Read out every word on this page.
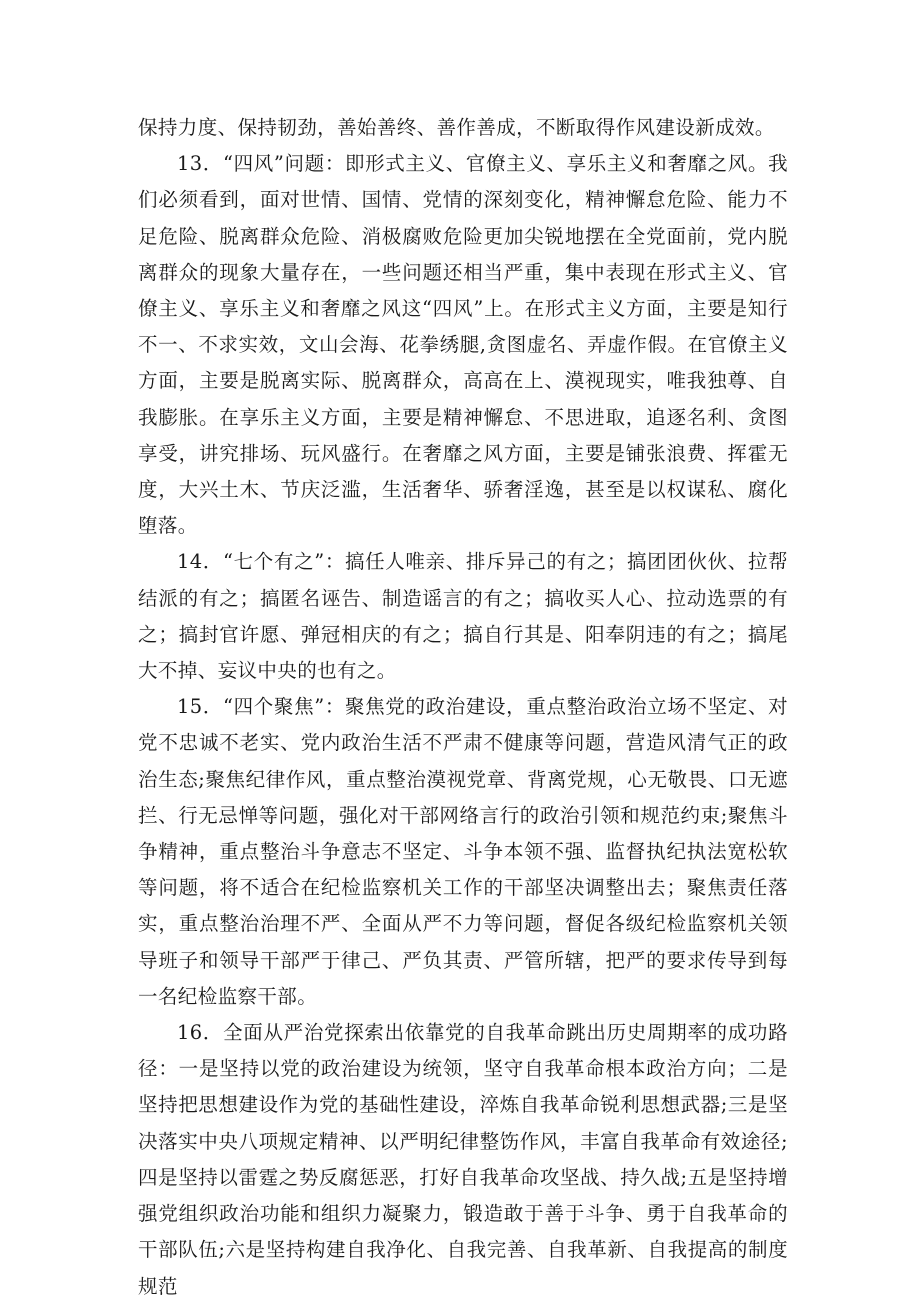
保持力度、保持韧劲，善始善终、善作善成，不断取得作风建设新成效。

13．“四风”问题：即形式主义、官僚主义、享乐主义和奢靡之风。我们必须看到，面对世情、国情、党情的深刻变化，精神懈怠危险、能力不足危险、脱离群众危险、消极腐败危险更加尖锐地摆在全党面前，党内脱离群众的现象大量存在，一些问题还相当严重，集中表现在形式主义、官僚主义、享乐主义和奢靡之风这“四风”上。在形式主义方面，主要是知行不一、不求实效，文山会海、花拳绣腿,贪图虚名、弄虚作假。在官僚主义方面，主要是脱离实际、脱离群众，高高在上、漠视现实，唯我独尊、自我膨胀。在享乐主义方面，主要是精神懈怠、不思进取，追逐名利、贪图享受，讲究排场、玩风盛行。在奢靡之风方面，主要是铺张浪费、挥霍无度，大兴土木、节庆泛滥，生活奢华、骄奢淫逸，甚至是以权谋私、腐化堕落。

14．“七个有之”：搞任人唯亲、排斥异己的有之；搞团团伙伙、拉帮结派的有之；搞匿名诬告、制造谣言的有之；搞收买人心、拉动选票的有之；搞封官许愿、弹冠相庆的有之；搞自行其是、阳奉阴违的有之；搞尾大不掉、妄议中央的也有之。

15．“四个聚焦”：聚焦党的政治建设，重点整治政治立场不坚定、对党不忠诚不老实、党内政治生活不严肃不健康等问题，营造风清气正的政治生态;聚焦纪律作风，重点整治漠视党章、背离党规，心无敬畏、口无遮拦、行无忌惮等问题，强化对干部网络言行的政治引领和规范约束;聚焦斗争精神，重点整治斗争意志不坚定、斗争本领不强、监督执纪执法宽松软等问题，将不适合在纪检监察机关工作的干部坚决调整出去；聚焦责任落实，重点整治治理不严、全面从严不力等问题，督促各级纪检监察机关领导班子和领导干部严于律己、严负其责、严管所辖，把严的要求传导到每一名纪检监察干部。

16．全面从严治党探索出依靠党的自我革命跳出历史周期率的成功路径：一是坚持以党的政治建设为统领，坚守自我革命根本政治方向；二是坚持把思想建设作为党的基础性建设，淬炼自我革命锐利思想武器;三是坚决落实中央八项规定精神、以严明纪律整饬作风，丰富自我革命有效途径;四是坚持以雷霆之势反腐惩恶，打好自我革命攻坚战、持久战;五是坚持增强党组织政治功能和组织力凝聚力，锻造敢于善于斗争、勇于自我革命的干部队伍;六是坚持构建自我净化、自我完善、自我革新、自我提高的制度规范
